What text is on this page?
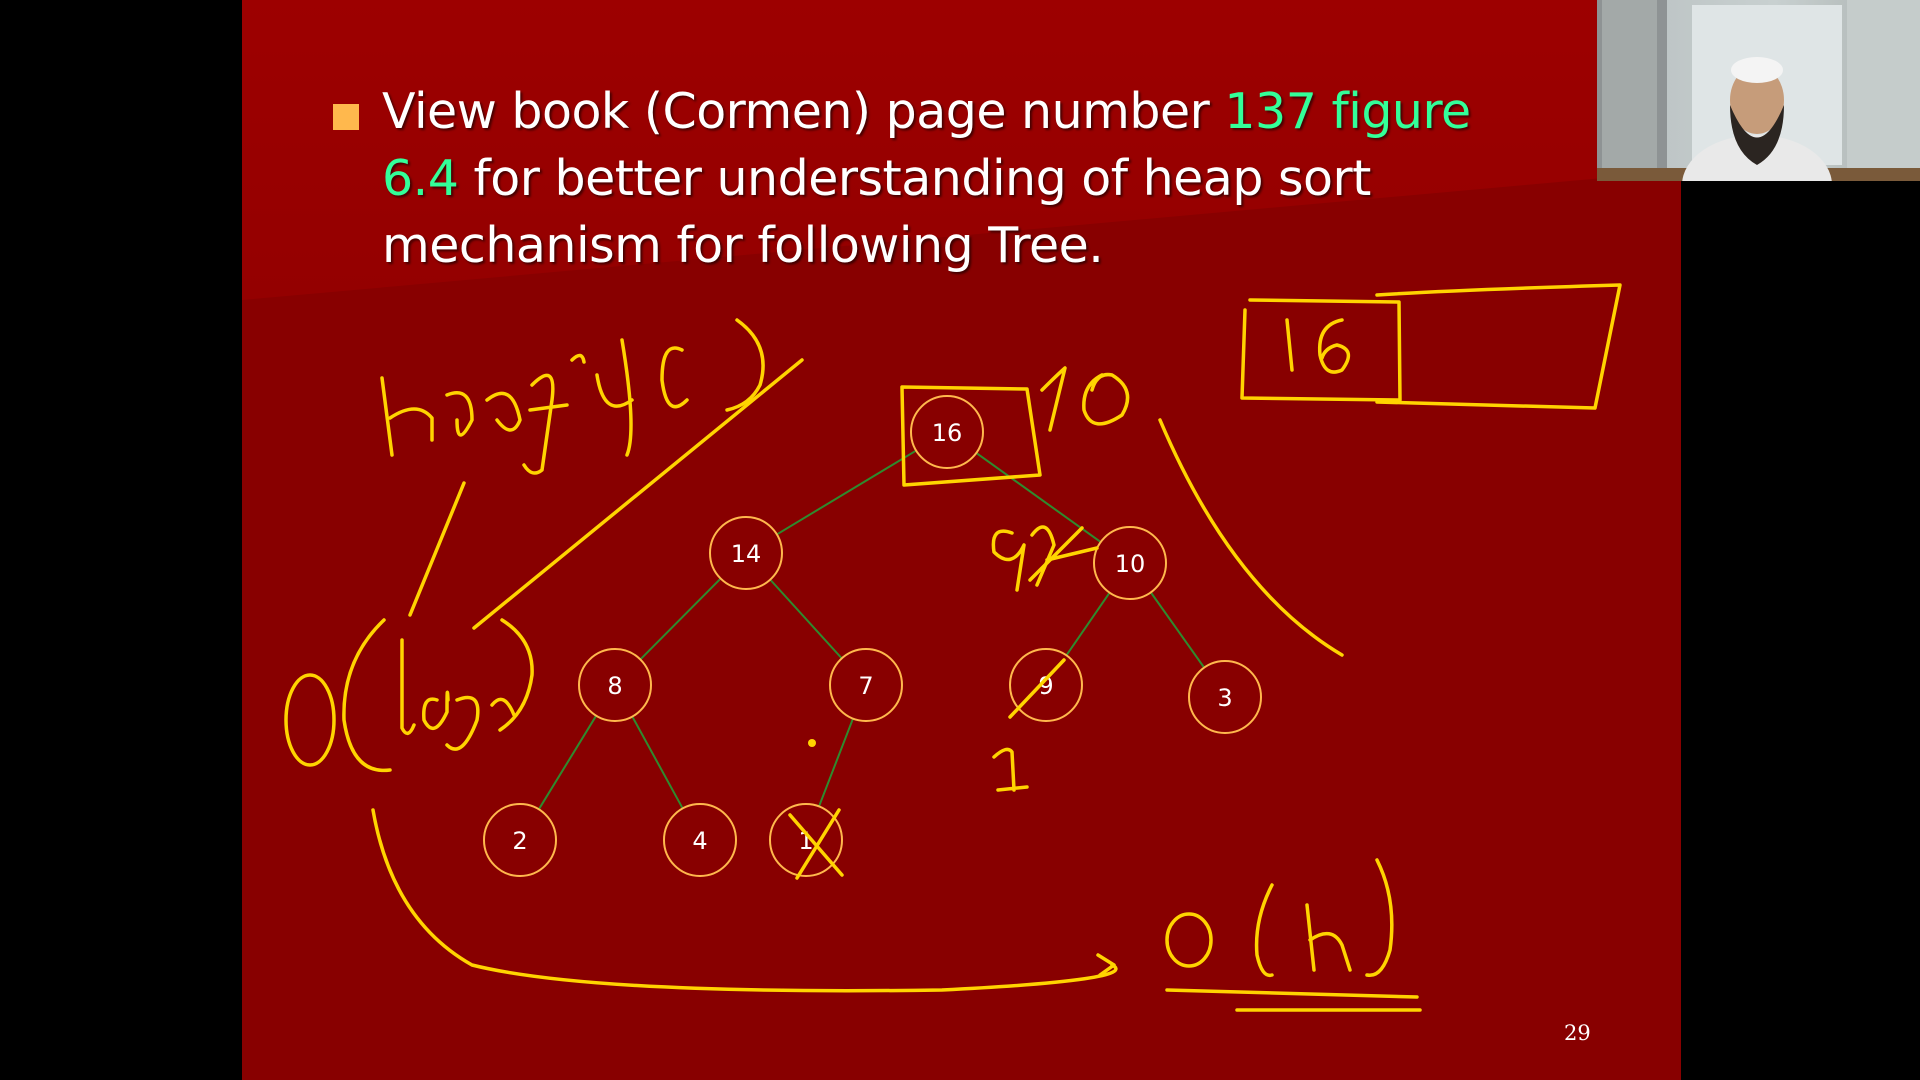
View book (Cormen) page number 137 figure 6.4 for better understanding of heap sort mechanism for following Tree.
16
14	10
8	7	9	3
2	4	1
29
